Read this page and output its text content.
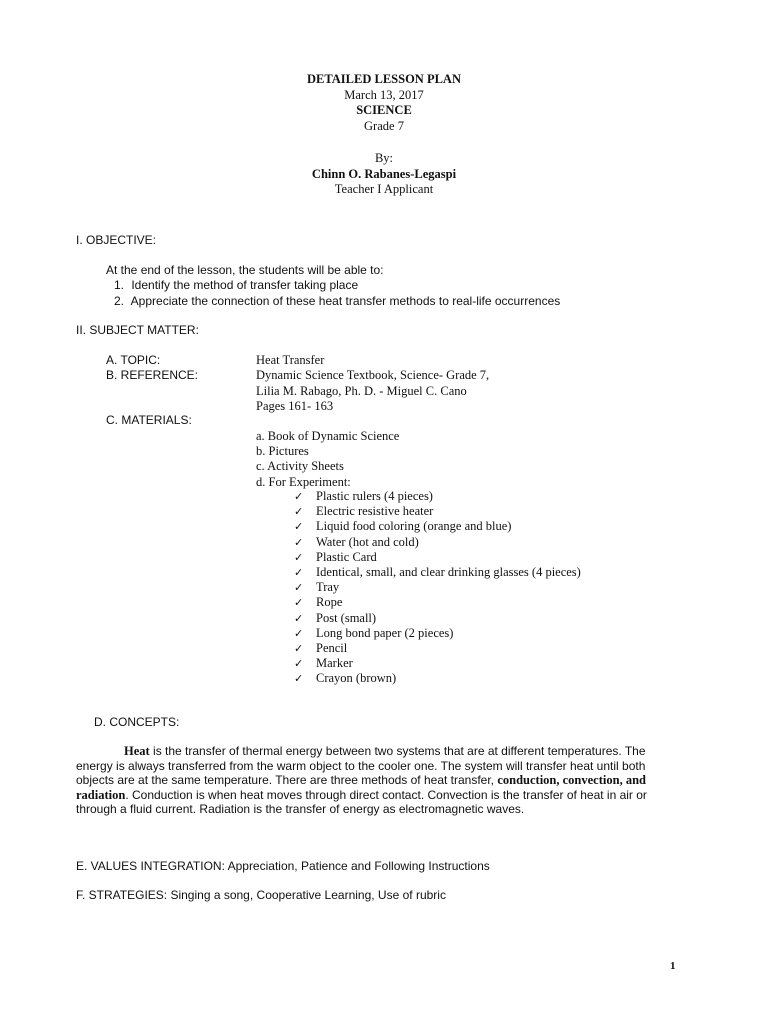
DETAILED LESSON PLAN
March 13, 2017
SCIENCE
Grade 7
By:
Chinn O. Rabanes-Legaspi
Teacher I Applicant
I. OBJECTIVE:
At the end of the lesson, the students will be able to:
1. Identify the method of transfer taking place
2. Appreciate the connection of these heat transfer methods to real-life occurrences
II. SUBJECT MATTER:
A. TOPIC:	Heat Transfer
B. REFERENCE:	Dynamic Science Textbook, Science- Grade 7,
Lilia M. Rabago, Ph. D. - Miguel C. Cano
Pages 161- 163
C. MATERIALS:
a. Book of Dynamic Science
b. Pictures
c. Activity Sheets
d. For Experiment:
✓ Plastic rulers (4 pieces)
✓ Electric resistive heater
✓ Liquid food coloring (orange and blue)
✓ Water (hot and cold)
✓ Plastic Card
✓ Identical, small, and clear drinking glasses (4 pieces)
✓ Tray
✓ Rope
✓ Post (small)
✓ Long bond paper (2 pieces)
✓ Pencil
✓ Marker
✓ Crayon (brown)
D. CONCEPTS:
Heat is the transfer of thermal energy between two systems that are at different temperatures. The energy is always transferred from the warm object to the cooler one. The system will transfer heat until both objects are at the same temperature. There are three methods of heat transfer, conduction, convection, and radiation. Conduction is when heat moves through direct contact. Convection is the transfer of heat in air or through a fluid current. Radiation is the transfer of energy as electromagnetic waves.
E. VALUES INTEGRATION: Appreciation, Patience and Following Instructions
F. STRATEGIES: Singing a song, Cooperative Learning, Use of rubric
1
